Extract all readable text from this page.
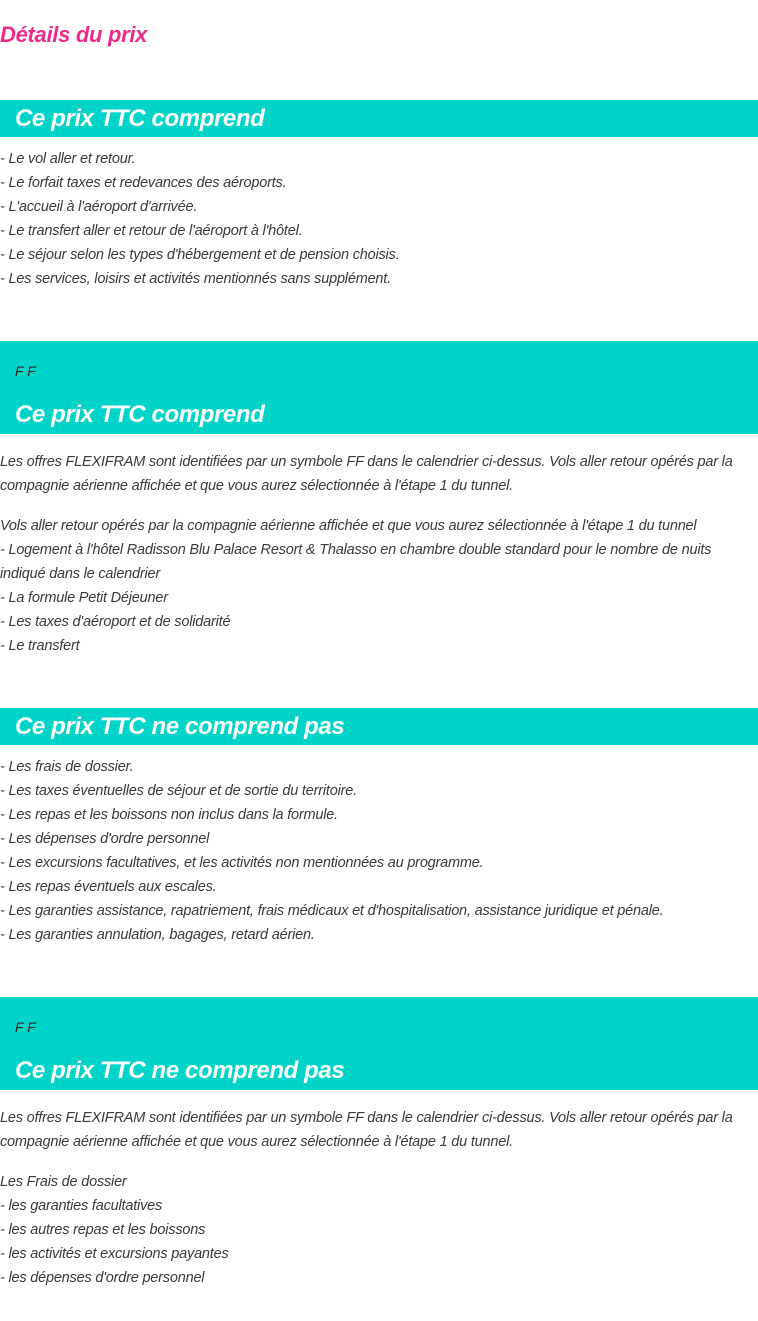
Détails du prix
Ce prix TTC comprend
- Le vol aller et retour.
- Le forfait taxes et redevances des aéroports.
- L'accueil à l'aéroport d'arrivée.
- Le transfert aller et retour de l'aéroport à l'hôtel.
- Le séjour selon les types d'hébergement et de pension choisis.
- Les services, loisirs et activités mentionnés sans supplément.
F F
Ce prix TTC comprend

Les offres FLEXIFRAM sont identifiées par un symbole FF dans le calendrier ci-dessus. Vols aller retour opérés par la compagnie aérienne affichée et que vous aurez sélectionnée à l'étape 1 du tunnel.

Vols aller retour opérés par la compagnie aérienne affichée et que vous aurez sélectionnée à l'étape 1 du tunnel
- Logement à l'hôtel Radisson Blu Palace Resort & Thalasso en chambre double standard pour le nombre de nuits indiqué dans le calendrier
- La formule Petit Déjeuner
- Les taxes d'aéroport et de solidarité
- Le transfert
Ce prix TTC ne comprend pas
- Les frais de dossier.
- Les taxes éventuelles de séjour et de sortie du territoire.
- Les repas et les boissons non inclus dans la formule.
- Les dépenses d'ordre personnel
- Les excursions facultatives, et les activités non mentionnées au programme.
- Les repas éventuels aux escales.
- Les garanties assistance, rapatriement, frais médicaux et d'hospitalisation, assistance juridique et pénale.
- Les garanties annulation, bagages, retard aérien.
F F
Ce prix TTC ne comprend pas

Les offres FLEXIFRAM sont identifiées par un symbole FF dans le calendrier ci-dessus. Vols aller retour opérés par la compagnie aérienne affichée et que vous aurez sélectionnée à l'étape 1 du tunnel.

Les Frais de dossier
- les garanties facultatives
- les autres repas et les boissons
- les activités et excursions payantes
- les dépenses d'ordre personnel
